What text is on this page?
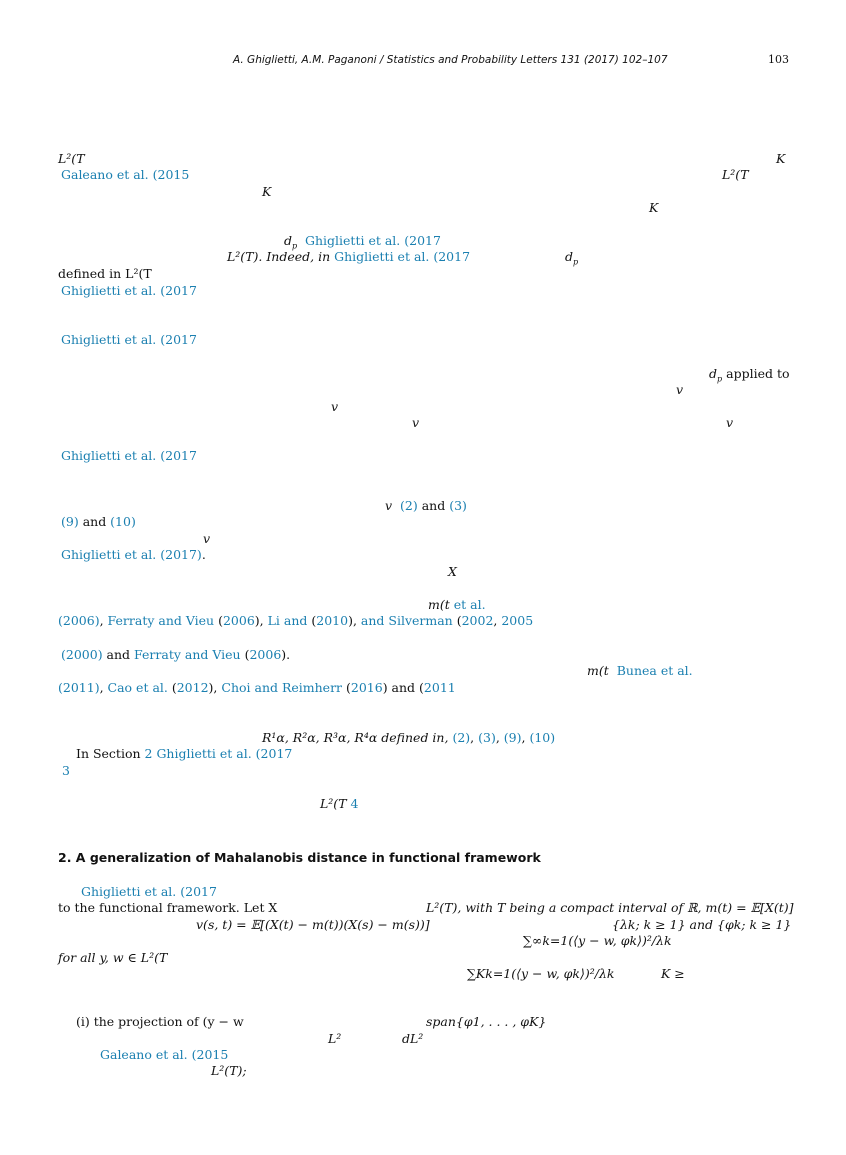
A. Ghiglietti, A.M. Paganoni / Statistics and Probability Letters 131 (2017) 102–107	103
L²(T	K
Galeano et al. (2015	L²(T
K
K
$d_p$ Ghiglietti et al. (2017
L²(T). Indeed, in Ghiglietti et al. (2017	$d_p$
defined in L²(T
Ghiglietti et al. (2017
Ghiglietti et al. (2017
$d_p$ applied to
v
v
v	v
Ghiglietti et al. (2017
v (2) and (3)
(9) and (10)
v
Ghiglietti et al. (2017).
X
m(t et al.
(2006), Ferraty and Vieu (2006), Li and (2010), and Silverman (2002, 2005
(2000) and Ferraty and Vieu (2006).
m(t Bunea et al.
(2011), Cao et al. (2012), Choi and Reimherr (2016) and (2011
R¹α, R²α, R³α, R⁴α defined in, (2), (3), (9), (10)
In Section 2 Ghiglietti et al. (2017
3
L²(T 4
2. A generalization of Mahalanobis distance in functional framework
Ghiglietti et al. (2017
to the functional framework. Let X	L²(T), with T being a compact interval of ℝ, m(t) = 𝔼[X(t)]
v(s, t) = 𝔼[(X(t) − m(t))(X(s) − m(s))]	{λk; k ≥ 1} and {φk; k ≥ 1}
∑∞k=1(⟨y − w, φk⟩)²/λk
for all y, w ∈ L²(T
∑Kk=1(⟨y − w, φk⟩)²/λk	K ≥
(i) the projection of (y − w	span{φ1, . . . , φK}
L²	dL²
Galeano et al. (2015
L²(T);
